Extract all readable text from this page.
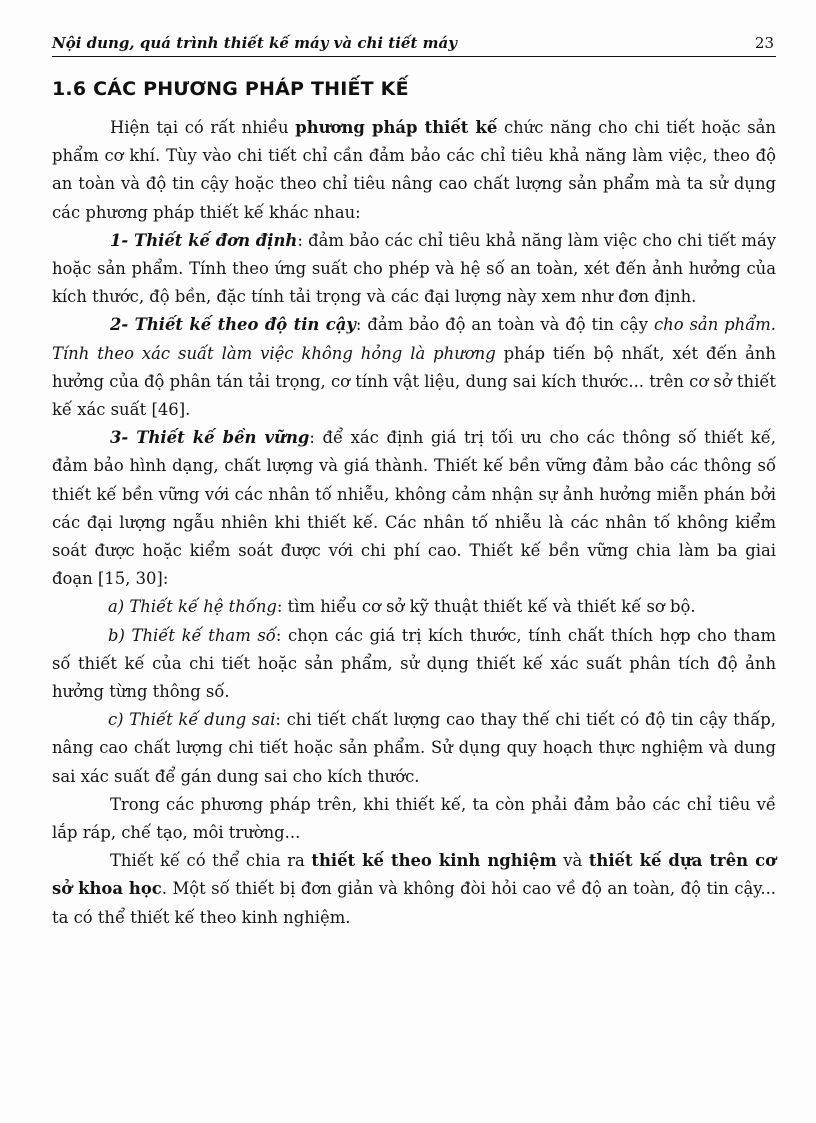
Nội dung, quá trình thiết kế máy và chi tiết máy	23
1.6 CÁC PHƯƠNG PHÁP THIẾT KẾ

Hiện tại có rất nhiều phương pháp thiết kế chức năng cho chi tiết hoặc sản phẩm cơ khí. Tùy vào chi tiết chỉ cần đảm bảo các chỉ tiêu khả năng làm việc, theo độ an toàn và độ tin cậy hoặc theo chỉ tiêu nâng cao chất lượng sản phẩm mà ta sử dụng các phương pháp thiết kế khác nhau:

1- Thiết kế đơn định: đảm bảo các chỉ tiêu khả năng làm việc cho chi tiết máy hoặc sản phẩm. Tính theo ứng suất cho phép và hệ số an toàn, xét đến ảnh hưởng của kích thước, độ bền, đặc tính tải trọng và các đại lượng này xem như đơn định.

2- Thiết kế theo độ tin cậy: đảm bảo độ an toàn và độ tin cậy cho sản phẩm. Tính theo xác suất làm việc không hỏng là phương pháp tiến bộ nhất, xét đến ảnh hưởng của độ phân tán tải trọng, cơ tính vật liệu, dung sai kích thước... trên cơ sở thiết kế xác suất [46].

3- Thiết kế bền vững: để xác định giá trị tối ưu cho các thông số thiết kế, đảm bảo hình dạng, chất lượng và giá thành. Thiết kế bền vững đảm bảo các thông số thiết kế bền vững với các nhân tố nhiễu, không cảm nhận sự ảnh hưởng miễn phán bởi các đại lượng ngẫu nhiên khi thiết kế. Các nhân tố nhiễu là các nhân tố không kiểm soát được hoặc kiểm soát được với chi phí cao. Thiết kế bền vững chia làm ba giai đoạn [15, 30]:

a) Thiết kế hệ thống: tìm hiểu cơ sở kỹ thuật thiết kế và thiết kế sơ bộ.

b) Thiết kế tham số: chọn các giá trị kích thước, tính chất thích hợp cho tham số thiết kế của chi tiết hoặc sản phẩm, sử dụng thiết kế xác suất phân tích độ ảnh hưởng từng thông số.

c) Thiết kế dung sai: chi tiết chất lượng cao thay thế chi tiết có độ tin cậy thấp, nâng cao chất lượng chi tiết hoặc sản phẩm. Sử dụng quy hoạch thực nghiệm và dung sai xác suất để gán dung sai cho kích thước.

Trong các phương pháp trên, khi thiết kế, ta còn phải đảm bảo các chỉ tiêu về lắp ráp, chế tạo, môi trường...

Thiết kế có thể chia ra thiết kế theo kinh nghiệm và thiết kế dựa trên cơ sở khoa học. Một số thiết bị đơn giản và không đòi hỏi cao về độ an toàn, độ tin cậy... ta có thể thiết kế theo kinh nghiệm.
